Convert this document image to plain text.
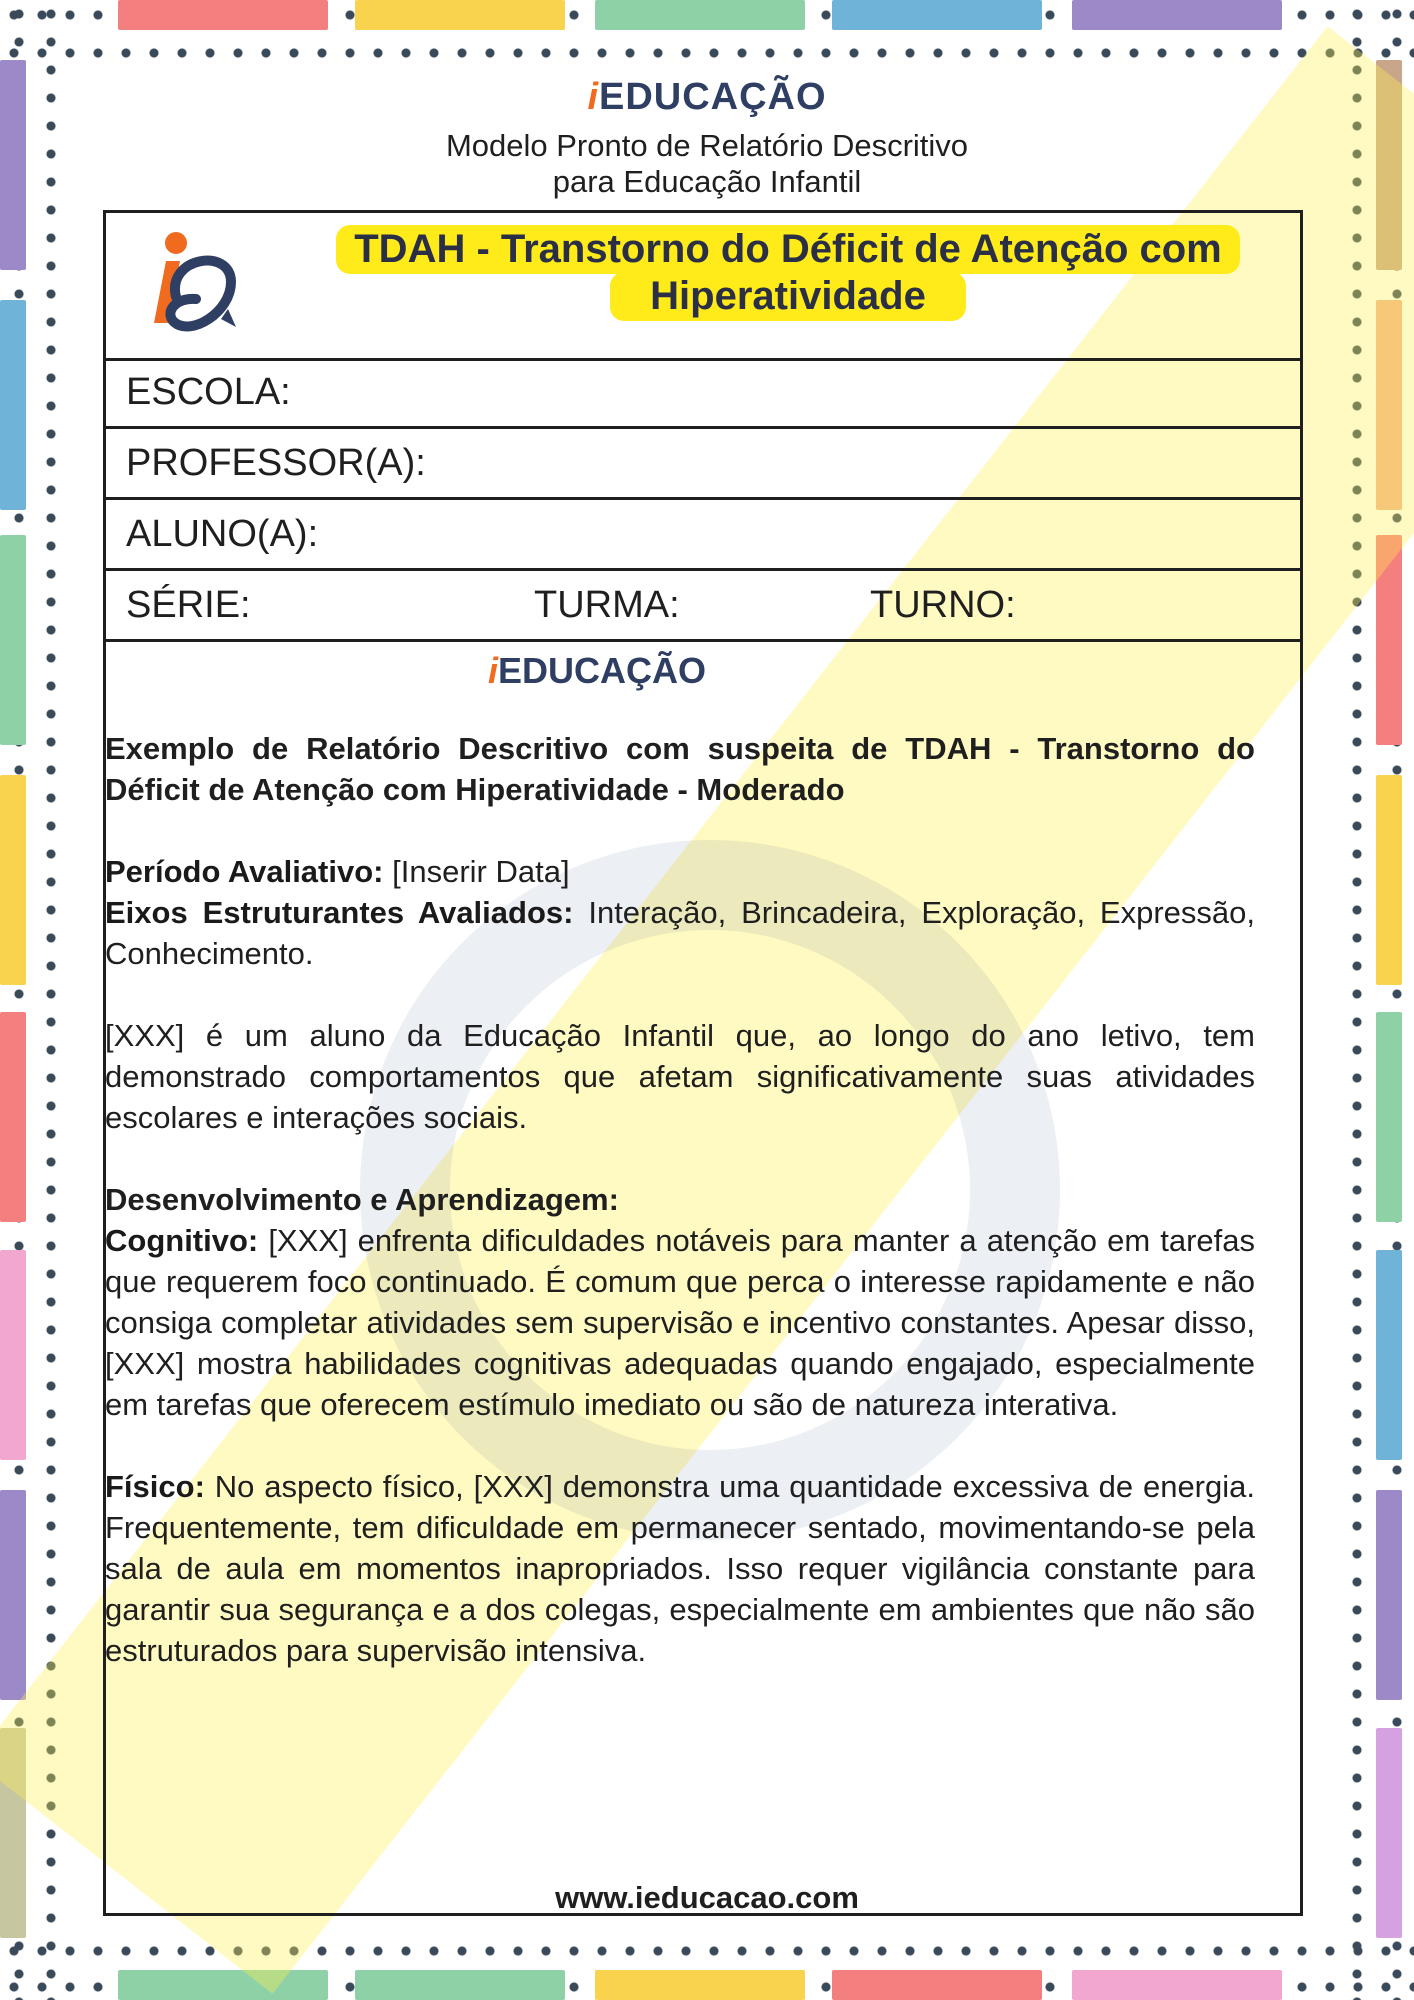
iEDUCAÇÃO
Modelo Pronto de Relatório Descritivo
para Educação Infantil
TDAH - Transtorno do Déficit de Atenção com
Hiperatividade
ESCOLA:
PROFESSOR(A):
ALUNO(A):
SÉRIE:	TURMA:	TURNO:
iEDUCAÇÃO

Exemplo de Relatório Descritivo com suspeita de TDAH - Transtorno do Déficit de Atenção com Hiperatividade - Moderado

Período Avaliativo: [Inserir Data]

Eixos Estruturantes Avaliados: Interação, Brincadeira, Exploração, Expressão, Conhecimento.

[XXX] é um aluno da Educação Infantil que, ao longo do ano letivo, tem demonstrado comportamentos que afetam significativamente suas atividades escolares e interações sociais.

Desenvolvimento e Aprendizagem:

Cognitivo: [XXX] enfrenta dificuldades notáveis para manter a atenção em tarefas que requerem foco continuado. É comum que perca o interesse rapidamente e não consiga completar atividades sem supervisão e incentivo constantes. Apesar disso, [XXX] mostra habilidades cognitivas adequadas quando engajado, especialmente em tarefas que oferecem estímulo imediato ou são de natureza interativa.

Físico: No aspecto físico, [XXX] demonstra uma quantidade excessiva de energia. Frequentemente, tem dificuldade em permanecer sentado, movimentando-se pela sala de aula em momentos inapropriados. Isso requer vigilância constante para garantir sua segurança e a dos colegas, especialmente em ambientes que não são estruturados para supervisão intensiva.

www.ieducacao.com
